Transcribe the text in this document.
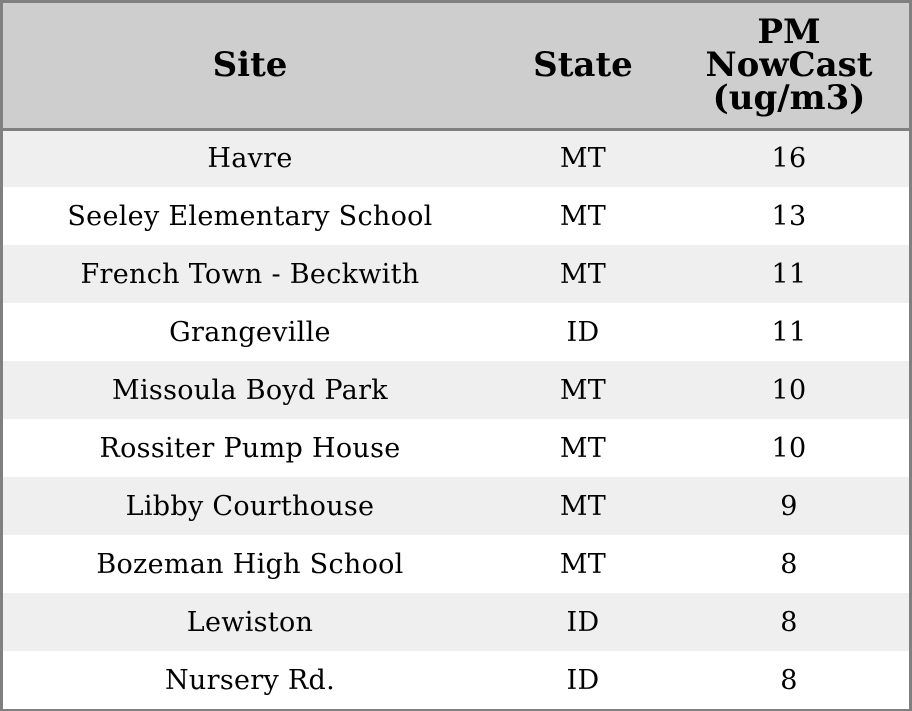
Site	State	PM
NowCast
(ug/m3)
Havre	MT	16
Seeley Elementary School	MT	13
French Town - Beckwith	MT	11
Grangeville	ID	11
Missoula Boyd Park	MT	10
Rossiter Pump House	MT	10
Libby Courthouse	MT	9
Bozeman High School	MT	8
Lewiston	ID	8
Nursery Rd.	ID	8
